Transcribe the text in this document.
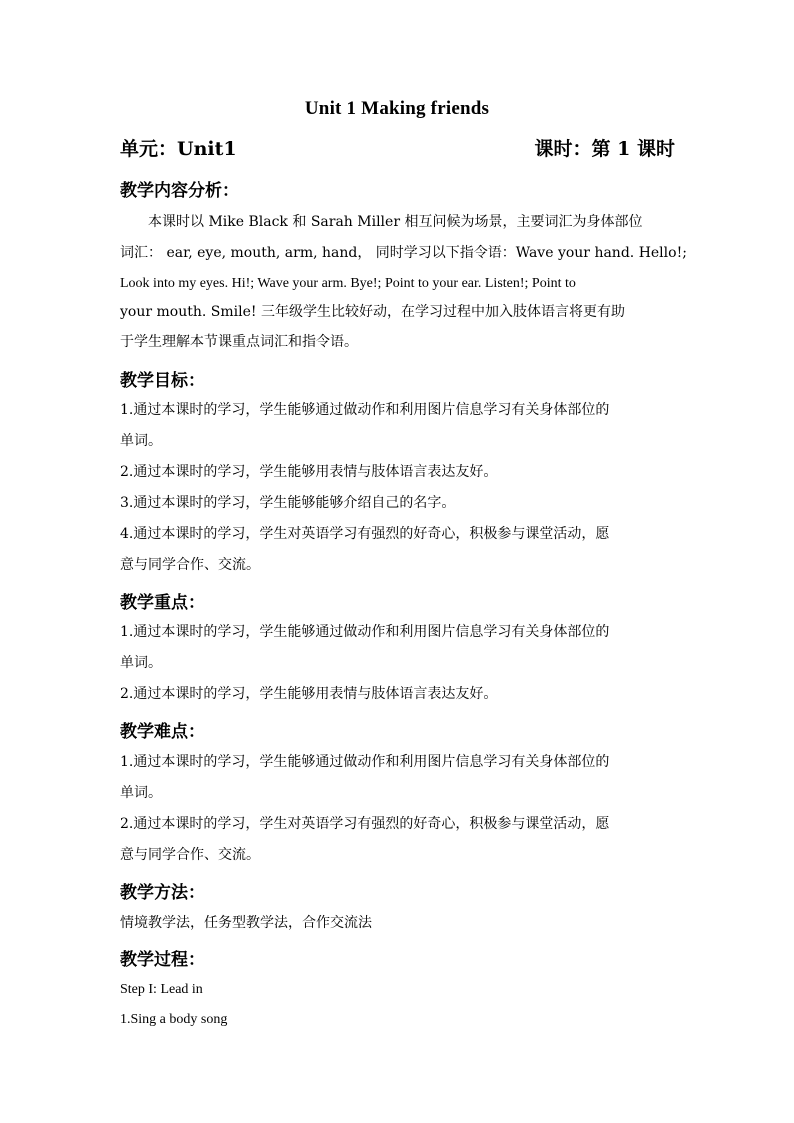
Unit 1 Making friends
单元：Unit1	课时：第 1 课时
教学内容分析：
本课时以 Mike Black 和 Sarah Miller 相互问候为场景，主要词汇为身体部位
词汇： ear, eye, mouth, arm, hand， 同时学习以下指令语：Wave your hand. Hello!;
Look into my eyes. Hi!; Wave your arm. Bye!; Point to your ear. Listen!; Point to
your mouth. Smile! 三年级学生比较好动，在学习过程中加入肢体语言将更有助
于学生理解本节课重点词汇和指令语。
教学目标：
1.通过本课时的学习，学生能够通过做动作和利用图片信息学习有关身体部位的
单词。
2.通过本课时的学习，学生能够用表情与肢体语言表达友好。
3.通过本课时的学习，学生能够能够介绍自己的名字。
4.通过本课时的学习，学生对英语学习有强烈的好奇心，积极参与课堂活动，愿
意与同学合作、交流。
教学重点：
1.通过本课时的学习，学生能够通过做动作和利用图片信息学习有关身体部位的
单词。
2.通过本课时的学习，学生能够用表情与肢体语言表达友好。
教学难点：
1.通过本课时的学习，学生能够通过做动作和利用图片信息学习有关身体部位的
单词。
2.通过本课时的学习，学生对英语学习有强烈的好奇心，积极参与课堂活动，愿
意与同学合作、交流。
教学方法：
情境教学法，任务型教学法，合作交流法
教学过程：
Step I: Lead in
1.Sing a body song
